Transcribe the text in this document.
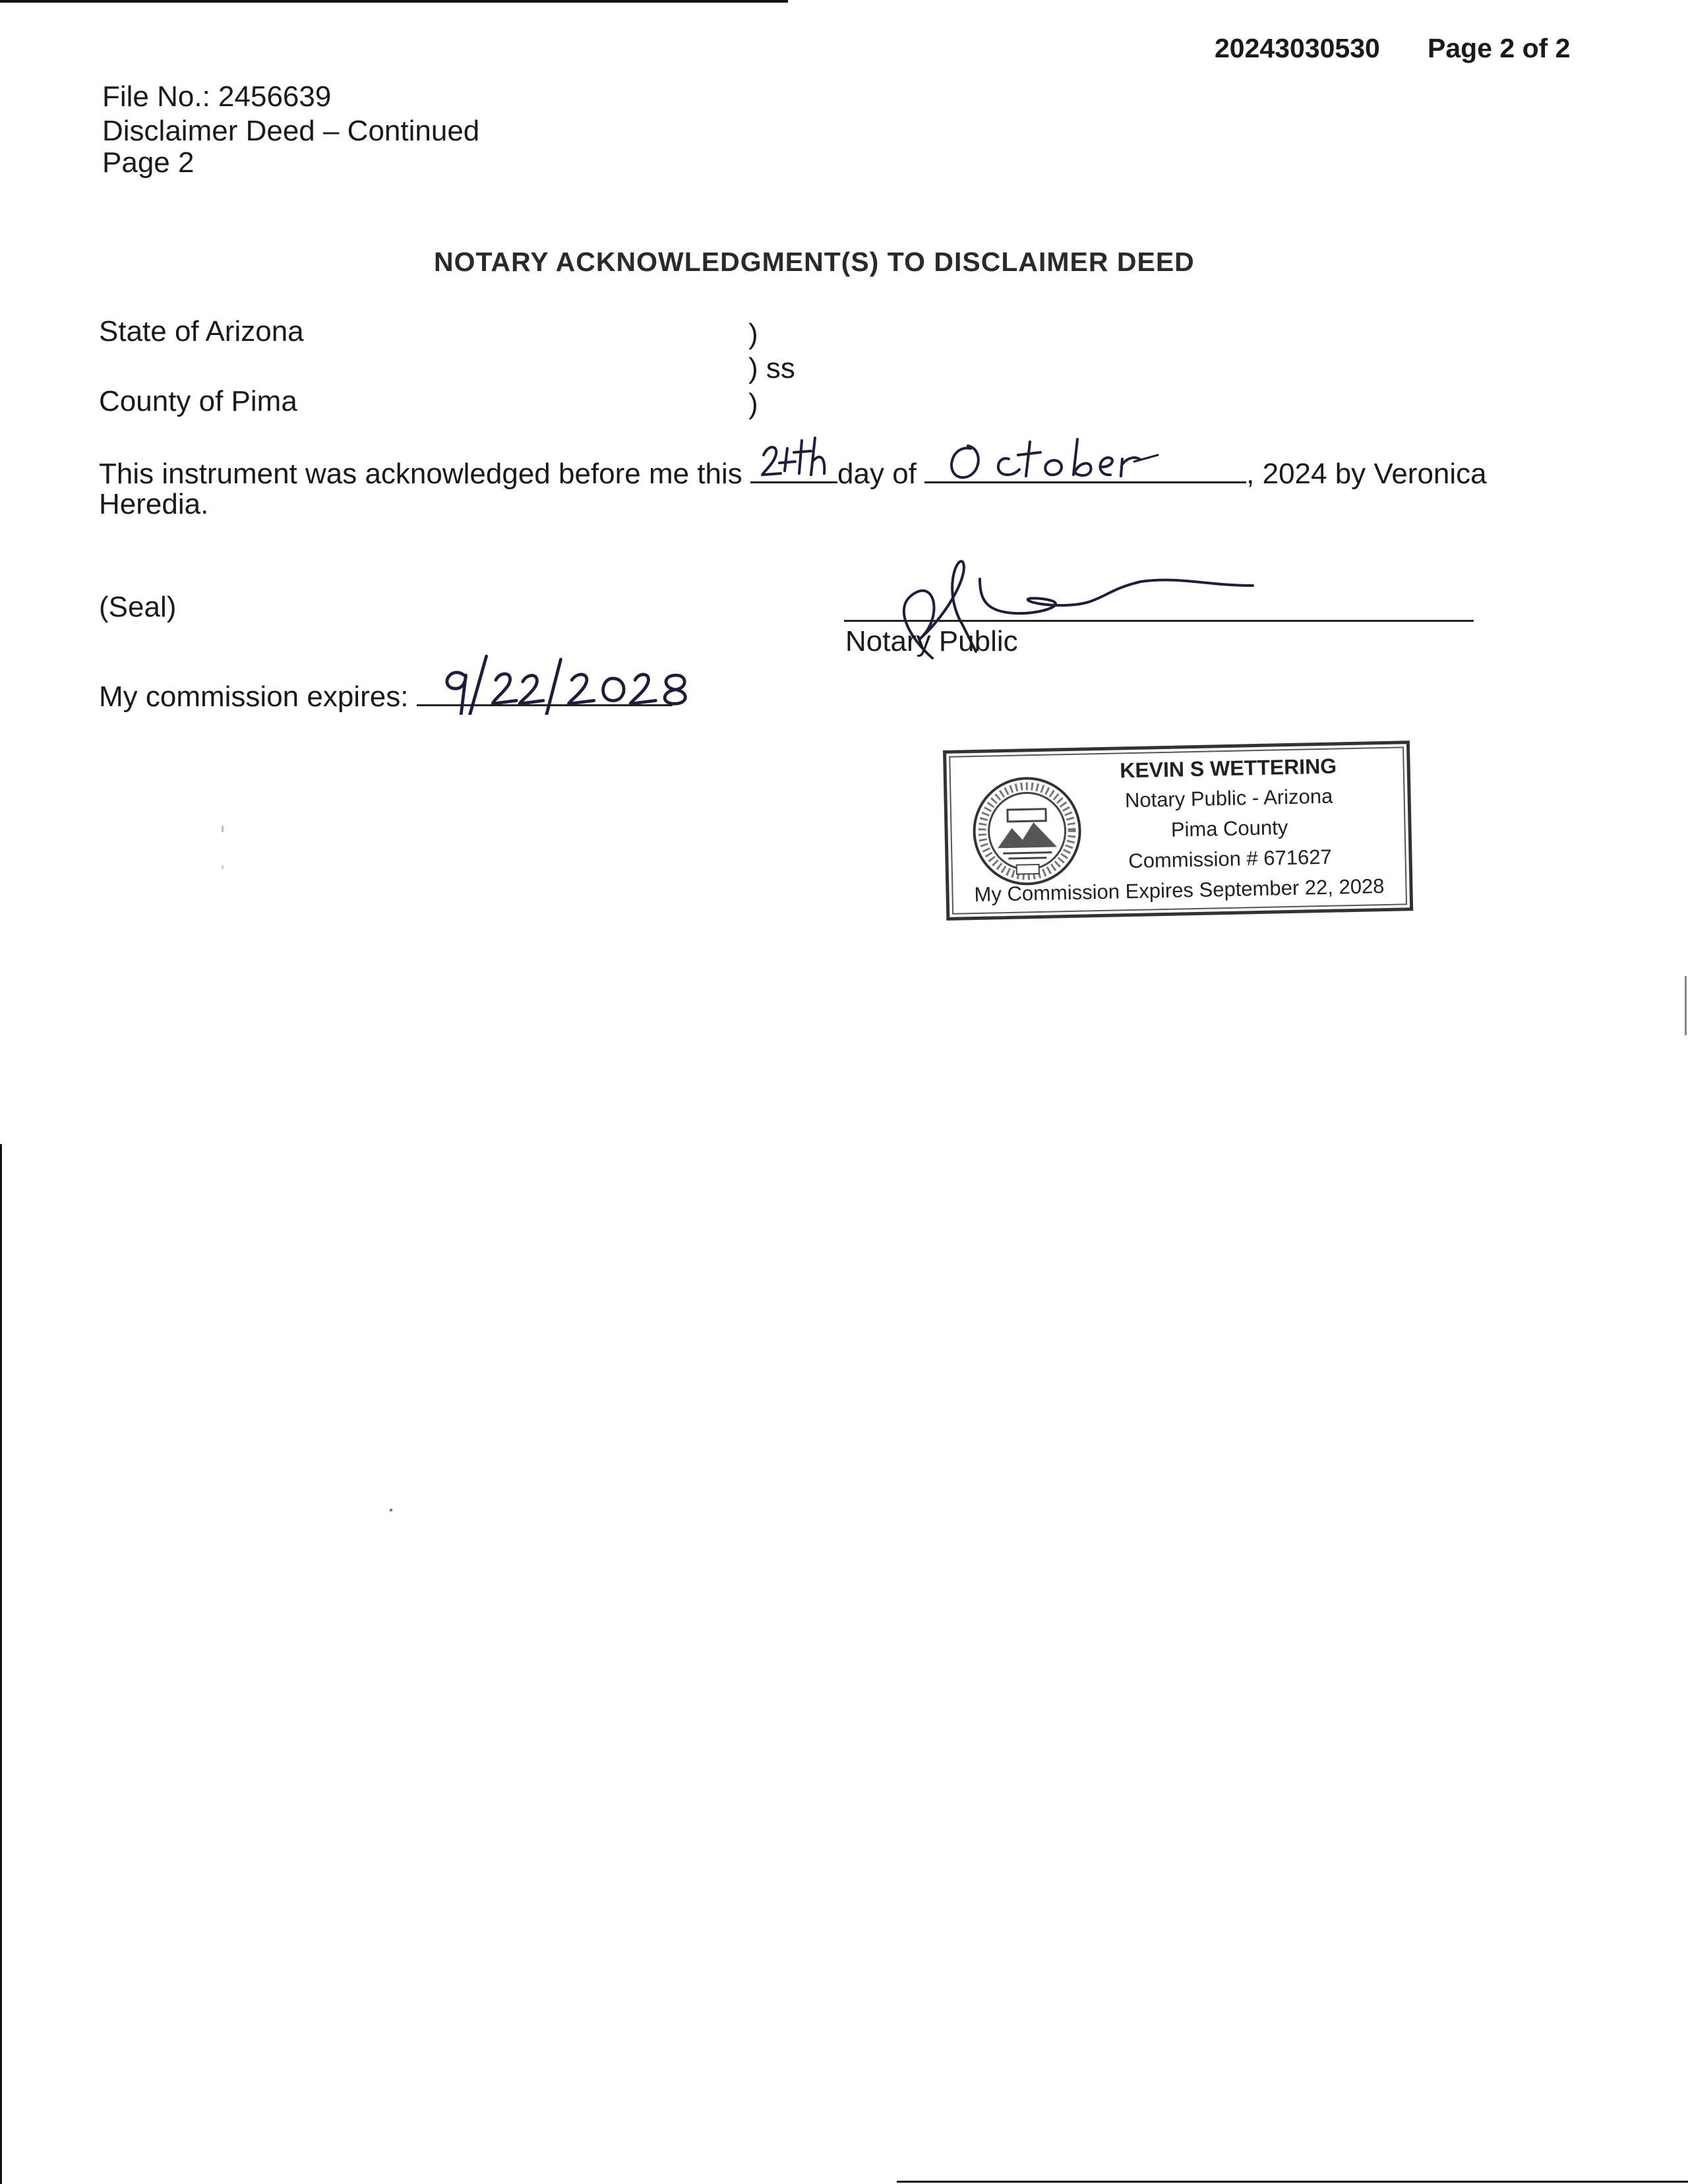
20243030530 Page 2 of 2
File No.: 2456639
Disclaimer Deed – Continued
Page 2
NOTARY ACKNOWLEDGMENT(S) TO DISCLAIMER DEED
State of Arizona
County of Pima
)
) ss
)
This instrument was acknowledged before me this	day of	, 2024 by Veronica
Heredia.
(Seal)
Notary Public
My commission expires:
KEVIN S WETTERING
Notary Public - Arizona
Pima County
Commission # 671627
My Commission Expires September 22, 2028
